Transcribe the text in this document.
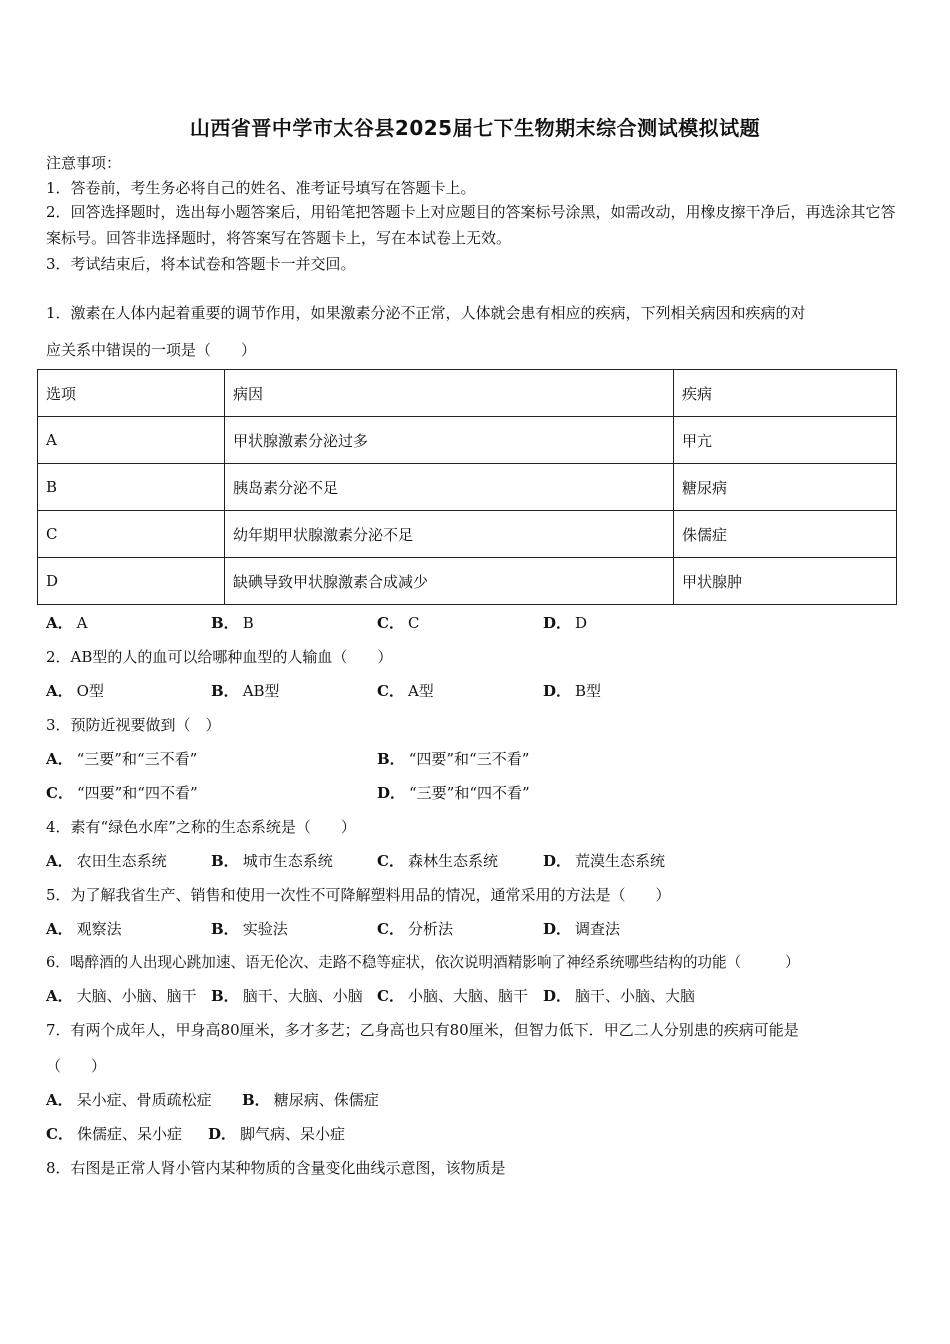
山西省晋中学市太谷县2025届七下生物期末综合测试模拟试题
注意事项：
1．答卷前，考生务必将自己的姓名、准考证号填写在答题卡上。
2．回答选择题时，选出每小题答案后，用铅笔把答题卡上对应题目的答案标号涂黑，如需改动，用橡皮擦干净后，再选涂其它答案标号。回答非选择题时，将答案写在答题卡上，写在本试卷上无效。
3．考试结束后，将本试卷和答题卡一并交回。
1．激素在人体内起着重要的调节作用，如果激素分泌不正常，人体就会患有相应的疾病，下列相关病因和疾病的对
应关系中错误的一项是（　　）
选项	病因	疾病
A	甲状腺激素分泌过多	甲亢
B	胰岛素分泌不足	糖尿病
C	幼年期甲状腺激素分泌不足	侏儒症
D	缺碘导致甲状腺激素合成减少	甲状腺肿
A． A	B． B	C． C	D． D
2．AB型的人的血可以给哪种血型的人输血（　　）
A． O型	B． AB型	C． A型	D． B型
3．预防近视要做到（　）
A． “三要”和“三不看”	B． “四要”和“三不看”
C． “四要”和“四不看”	D． “三要”和“四不看”
4．素有“绿色水库”之称的生态系统是（　　）
A． 农田生态系统	B． 城市生态系统	C． 森林生态系统	D． 荒漠生态系统
5．为了解我省生产、销售和使用一次性不可降解塑料用品的情况，通常采用的方法是（　　）
A． 观察法	B． 实验法	C． 分析法	D． 调查法
6．喝醉酒的人出现心跳加速、语无伦次、走路不稳等症状，依次说明酒精影响了神经系统哪些结构的功能（　　　）
A． 大脑、小脑、脑干 B． 脑干、大脑、小脑 C． 小脑、大脑、脑干 D． 脑干、小脑、大脑
7．有两个成年人，甲身高80厘米，多才多艺；乙身高也只有80厘米，但智力低下．甲乙二人分别患的疾病可能是
（　　）
A． 呆小症、骨质疏松症 B． 糖尿病、侏儒症
C． 侏儒症、呆小症 D． 脚气病、呆小症
8．右图是正常人肾小管内某种物质的含量变化曲线示意图，该物质是
